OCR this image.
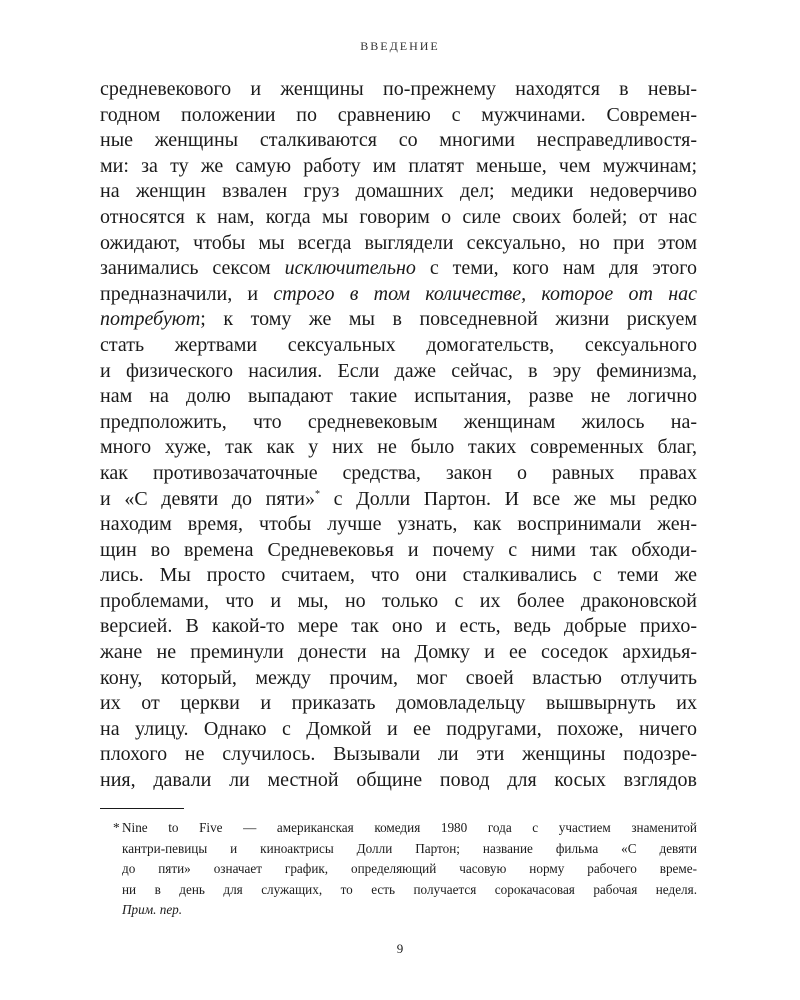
ВВЕДЕНИЕ
средневекового и женщины по-прежнему находятся в невы-
годном положении по сравнению с мужчинами. Современ-
ные женщины сталкиваются со многими несправедливостя-
ми: за ту же самую работу им платят меньше, чем мужчинам;
на женщин взвален груз домашних дел; медики недоверчиво
относятся к нам, когда мы говорим о силе своих болей; от нас
ожидают, чтобы мы всегда выглядели сексуально, но при этом
занимались сексом исключительно с теми, кого нам для этого
предназначили, и строго в том количестве, которое от нас
потребуют; к тому же мы в повседневной жизни рискуем
стать жертвами сексуальных домогательств, сексуального
и физического насилия. Если даже сейчас, в эру феминизма,
нам на долю выпадают такие испытания, разве не логично
предположить, что средневековым женщинам жилось на-
много хуже, так как у них не было таких современных благ,
как противозачаточные средства, закон о равных правах
и «С девяти до пяти»* с Долли Партон. И все же мы редко
находим время, чтобы лучше узнать, как воспринимали жен-
щин во времена Средневековья и почему с ними так обходи-
лись. Мы просто считаем, что они сталкивались с теми же
проблемами, что и мы, но только с их более драконовской
версией. В какой-то мере так оно и есть, ведь добрые прихо-
жане не преминули донести на Домку и ее соседок архидья-
кону, который, между прочим, мог своей властью отлучить
их от церкви и приказать домовладельцу вышвырнуть их
на улицу. Однако с Домкой и ее подругами, похоже, ничего
плохого не случилось. Вызывали ли эти женщины подозре-
ния, давали ли местной общине повод для косых взглядов
* Nine to Five — американская комедия 1980 года с участием знаменитой
кантри-певицы и киноактрисы Долли Партон; название фильма «С девяти
до пяти» означает график, определяющий часовую норму рабочего време-
ни в день для служащих, то есть получается сорокачасовая рабочая неделя.
Прим. пер.
9
